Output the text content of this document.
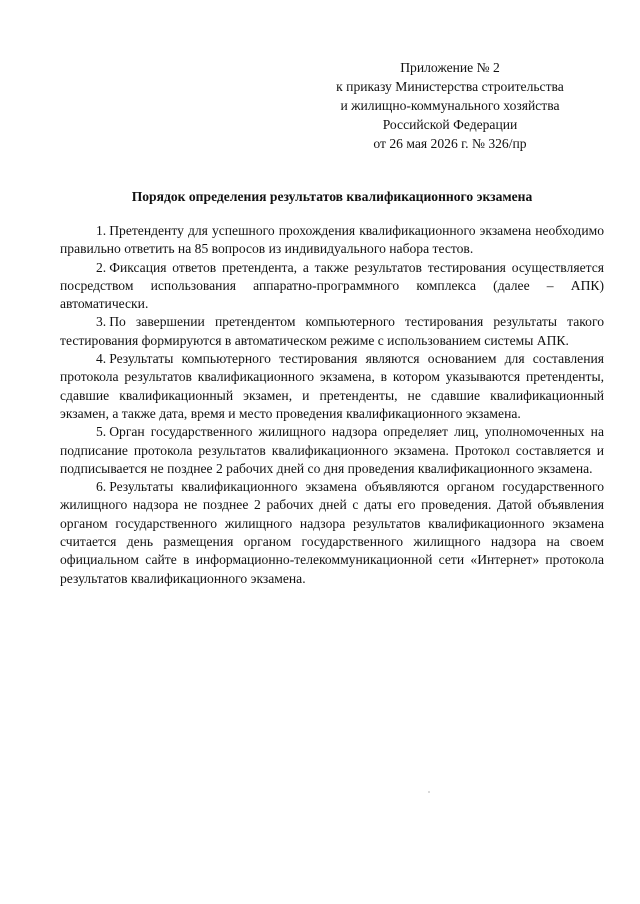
Приложение № 2
к приказу Министерства строительства
и жилищно-коммунального хозяйства
Российской Федерации
от 26 мая 2026 г. № 326/пр
Порядок определения результатов квалификационного экзамена

1. Претенденту для успешного прохождения квалификационного экзамена необходимо правильно ответить на 85 вопросов из индивидуального набора тестов.

2. Фиксация ответов претендента, а также результатов тестирования осуществляется посредством использования аппаратно-программного комплекса (далее – АПК) автоматически.

3. По завершении претендентом компьютерного тестирования результаты такого тестирования формируются в автоматическом режиме с использованием системы АПК.

4. Результаты компьютерного тестирования являются основанием для составления протокола результатов квалификационного экзамена, в котором указываются претенденты, сдавшие квалификационный экзамен, и претенденты, не сдавшие квалификационный экзамен, а также дата, время и место проведения квалификационного экзамена.

5. Орган государственного жилищного надзора определяет лиц, уполномоченных на подписание протокола результатов квалификационного экзамена. Протокол составляется и подписывается не позднее 2 рабочих дней со дня проведения квалификационного экзамена.

6. Результаты квалификационного экзамена объявляются органом государственного жилищного надзора не позднее 2 рабочих дней с даты его проведения. Датой объявления органом государственного жилищного надзора результатов квалификационного экзамена считается день размещения органом государственного жилищного надзора на своем официальном сайте в информационно-телекоммуникационной сети «Интернет» протокола результатов квалификационного экзамена.
